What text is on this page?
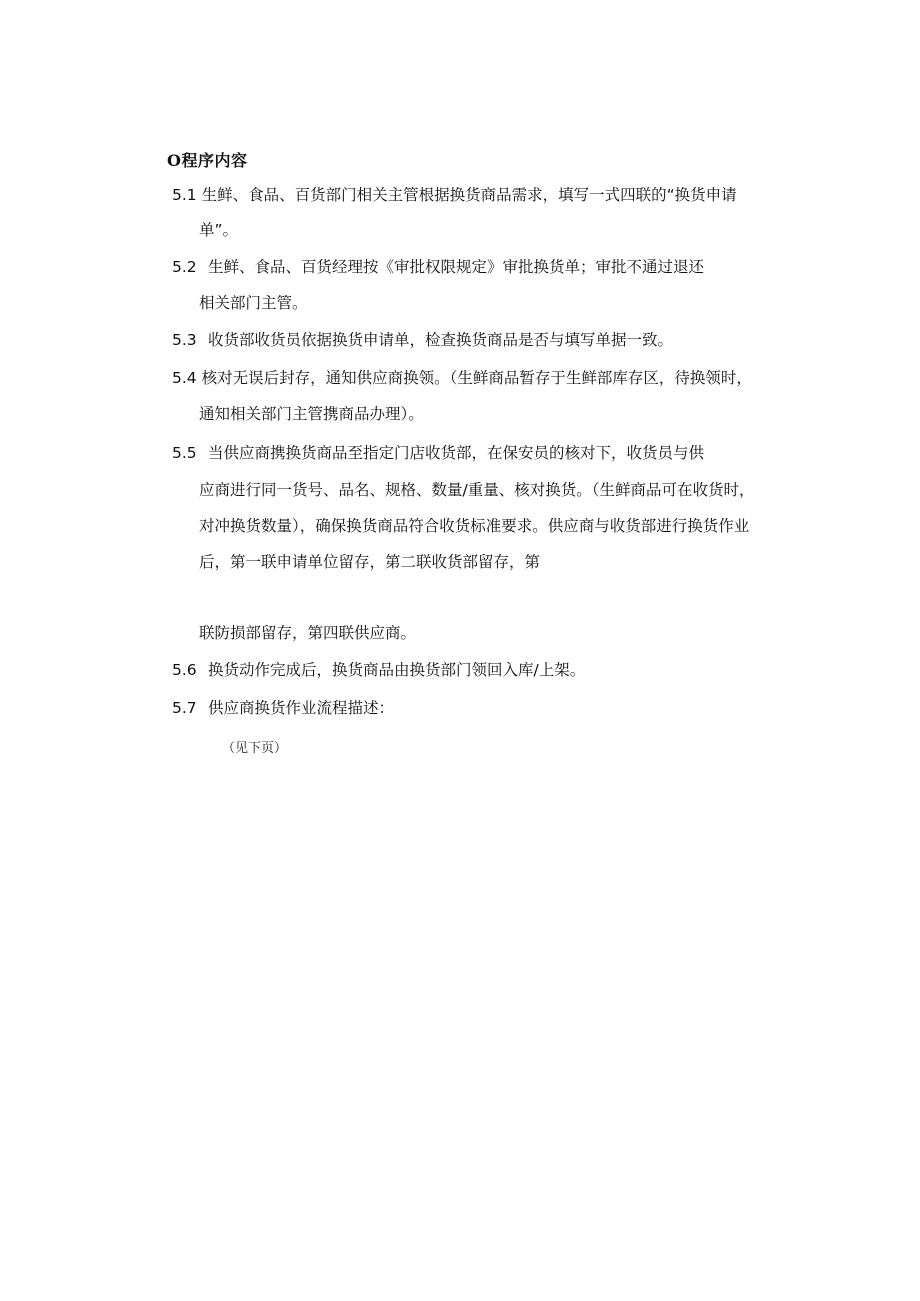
O程序内容
5.1 生鲜、食品、百货部门相关主管根据换货商品需求，填写一式四联的“换货申请
单”。
5.2 生鲜、食品、百货经理按《审批权限规定》审批换货单；审批不通过退还
相关部门主管。
5.3 收货部收货员依据换货申请单，检查换货商品是否与填写单据一致。
5.4 核对无误后封存，通知供应商换领。（生鲜商品暂存于生鲜部库存区，待换领时，
通知相关部门主管携商品办理）。
5.5 当供应商携换货商品至指定门店收货部，在保安员的核对下，收货员与供
应商进行同一货号、品名、规格、数量/重量、核对换货。（生鲜商品可在收货时，
对冲换货数量），确保换货商品符合收货标准要求。供应商与收货部进行换货作业
后，第一联申请单位留存，第二联收货部留存，第
联防损部留存，第四联供应商。
5.6 换货动作完成后，换货商品由换货部门领回入库/上架。
5.7 供应商换货作业流程描述：
（见下页）
